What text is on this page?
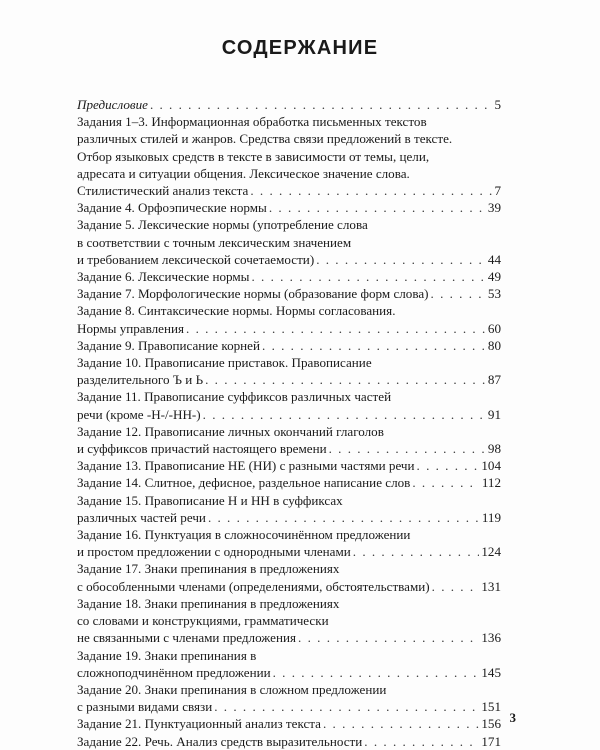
СОДЕРЖАНИЕ
Предисловие . . .	5
Задания 1–3. Информационная обработка письменных текстов
различных стилей и жанров. Средства связи предложений в тексте.
Отбор языковых средств в тексте в зависимости от темы, цели,
адресата и ситуации общения. Лексическое значение слова.
Стилистический анализ текста . . .	7
Задание 4. Орфоэпические нормы . . .	39
Задание 5. Лексические нормы (употребление слова
в соответствии с точным лексическим значением
и требованием лексической сочетаемости) . . .	44
Задание 6. Лексические нормы . . .	49
Задание 7. Морфологические нормы (образование форм слова) . . .	53
Задание 8. Синтаксические нормы. Нормы согласования.
Нормы управления . . .	60
Задание 9. Правописание корней . . .	80
Задание 10. Правописание приставок. Правописание
разделительного Ъ и Ь . . .	87
Задание 11. Правописание суффиксов различных частей
речи (кроме -Н-/-НН-) . . .	91
Задание 12. Правописание личных окончаний глаголов
и суффиксов причастий настоящего времени . . .	98
Задание 13. Правописание НЕ (НИ) с разными частями речи . . .	104
Задание 14. Слитное, дефисное, раздельное написание слов . . .	112
Задание 15. Правописание Н и НН в суффиксах
различных частей речи . . .	119
Задание 16. Пунктуация в сложносочинённом предложении
и простом предложении с однородными членами . . .	124
Задание 17. Знаки препинания в предложениях
с обособленными членами (определениями, обстоятельствами) . . .	131
Задание 18. Знаки препинания в предложениях
со словами и конструкциями, грамматически
не связанными с членами предложения . . .	136
Задание 19. Знаки препинания в
сложноподчинённом предложении . . .	145
Задание 20. Знаки препинания в сложном предложении
с разными видами связи . . .	151
Задание 21. Пунктуационный анализ текста . . .	156
Задание 22. Речь. Анализ средств выразительности . . .	171
3
